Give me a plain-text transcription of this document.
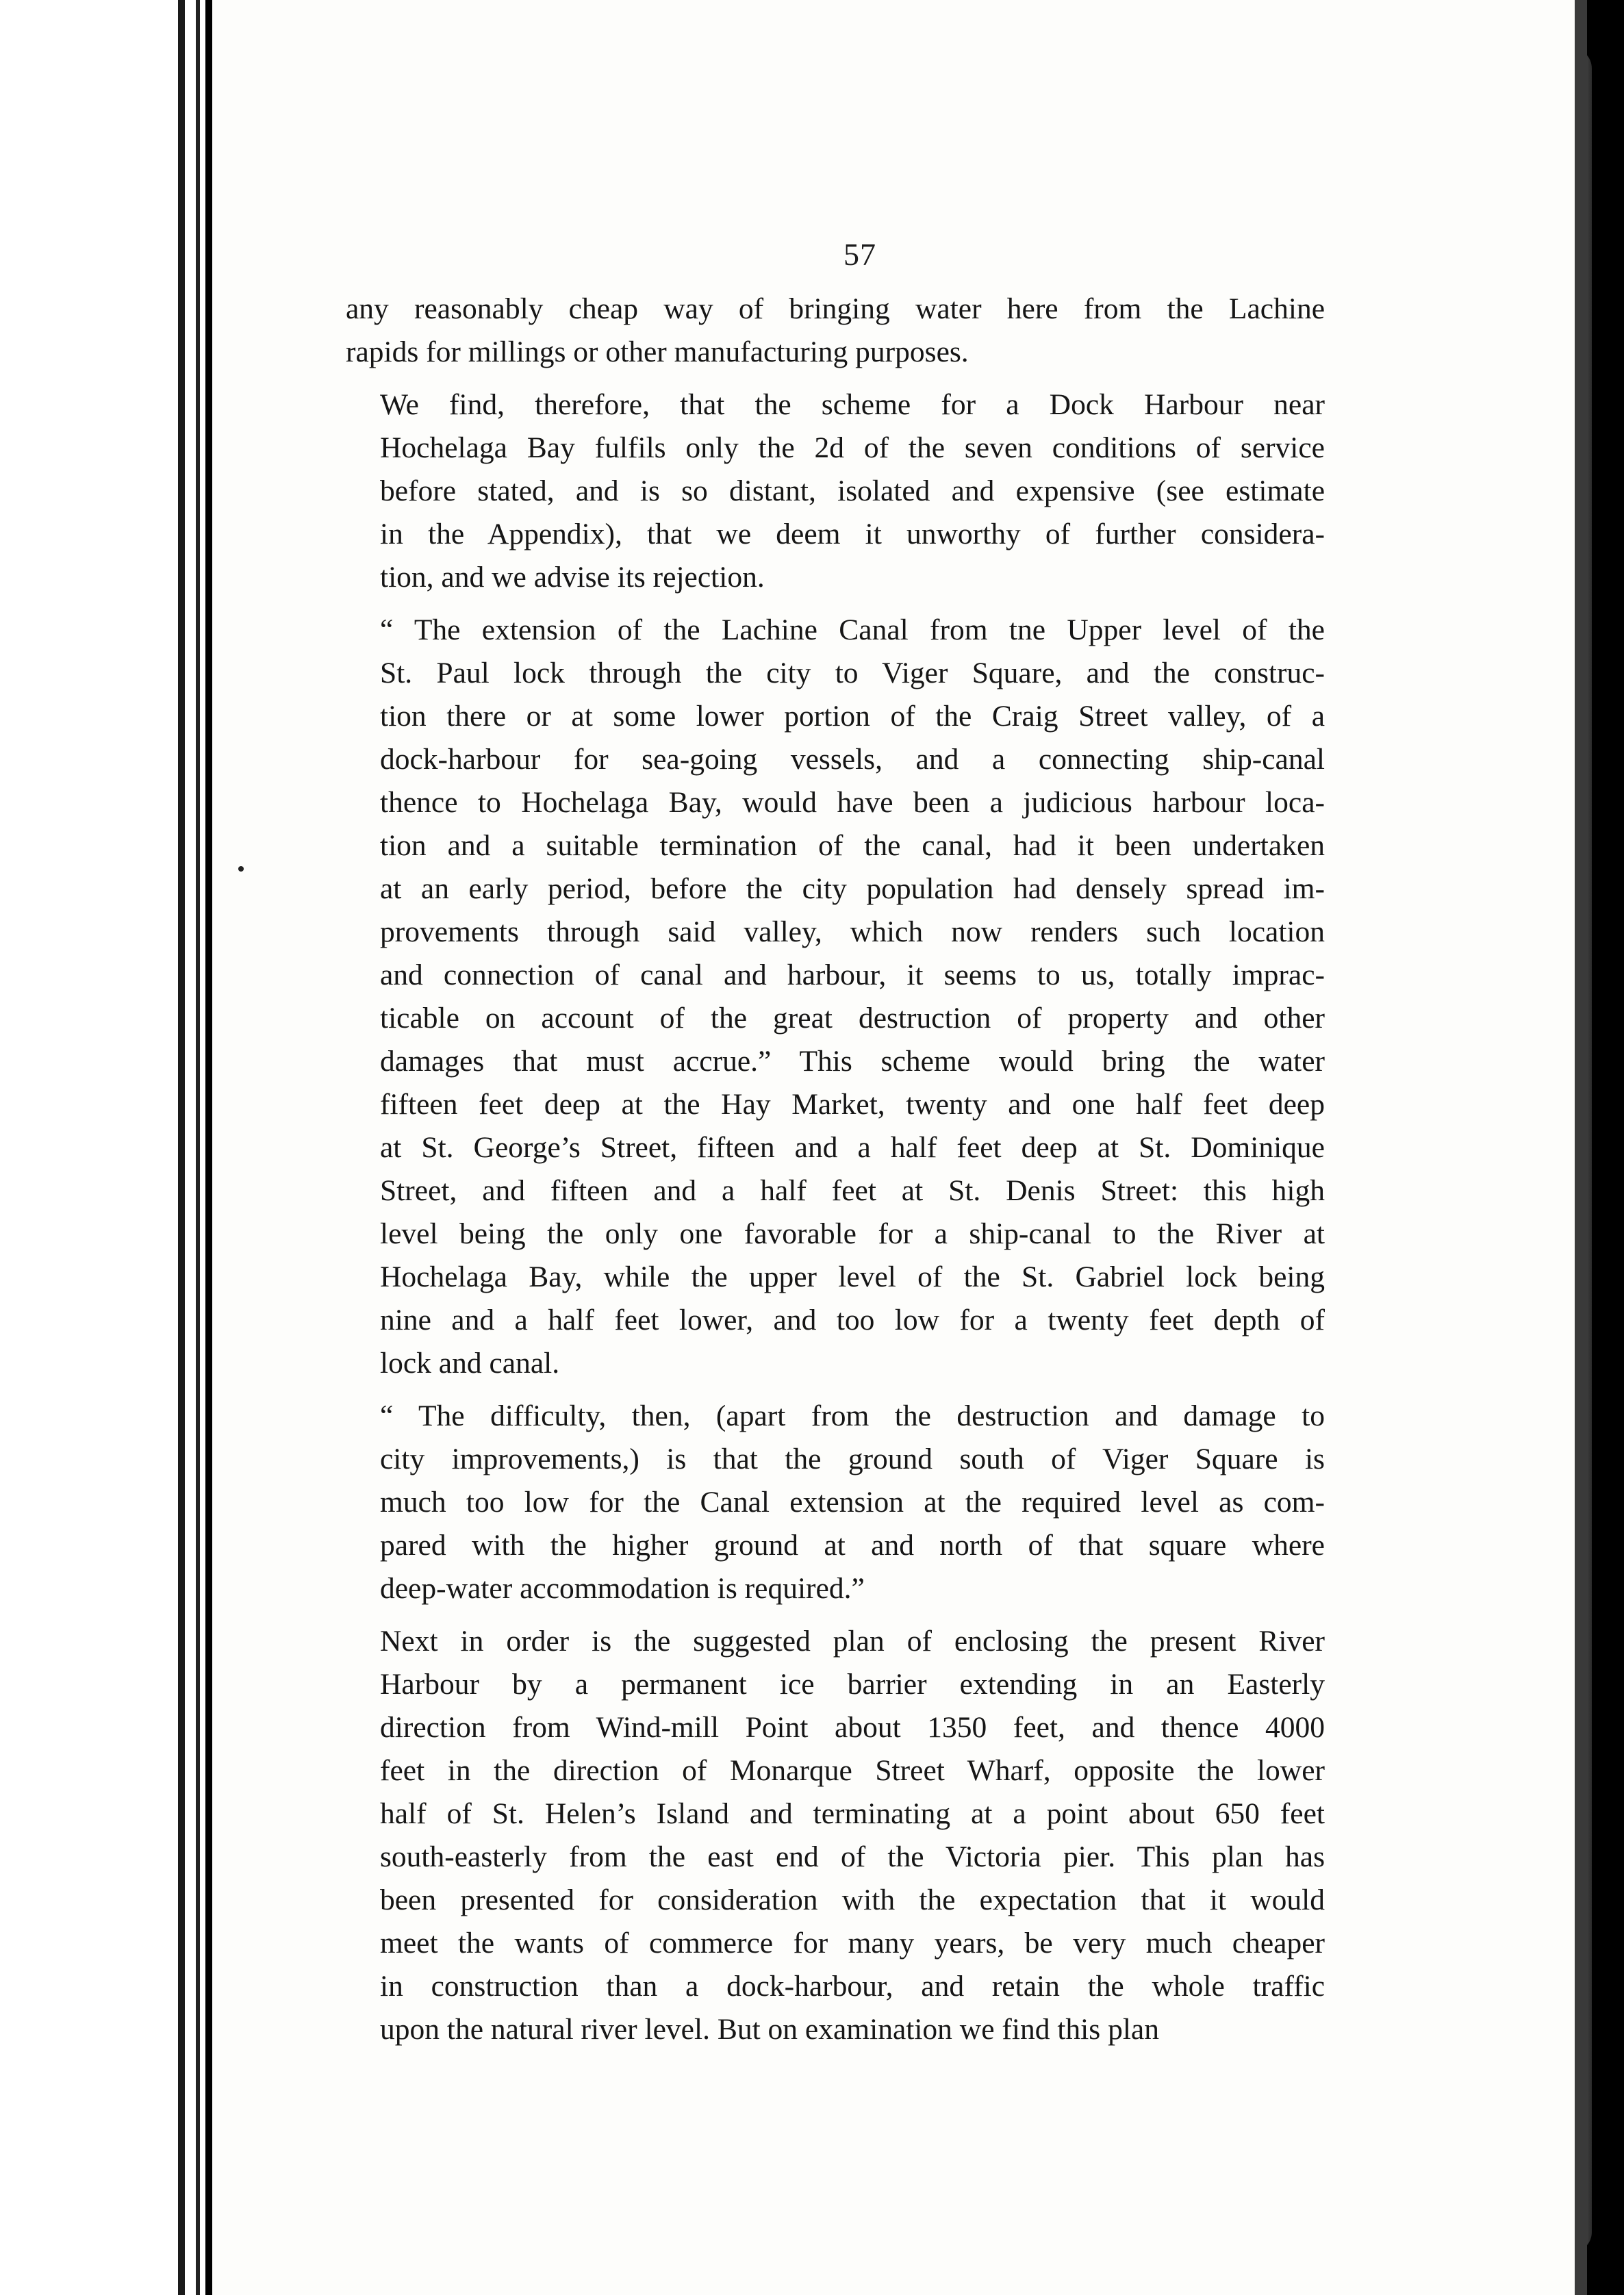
57

any reasonably cheap way of bringing water here from the Lachine
rapids for millings or other manufacturing purposes.

We find, therefore, that the scheme for a Dock Harbour near
Hochelaga Bay fulfils only the 2d of the seven conditions of service
before stated, and is so distant, isolated and expensive (see estimate
in the Appendix), that we deem it unworthy of further considera-
tion, and we advise its rejection.

“ The extension of the Lachine Canal from tne Upper level of the
St. Paul lock through the city to Viger Square, and the construc-
tion there or at some lower portion of the Craig Street valley, of a
dock-harbour for sea-going vessels, and a connecting ship-canal
thence to Hochelaga Bay, would have been a judicious harbour loca-
tion and a suitable termination of the canal, had it been undertaken
at an early period, before the city population had densely spread im-
provements through said valley, which now renders such location
and connection of canal and harbour, it seems to us, totally imprac-
ticable on account of the great destruction of property and other
damages that must accrue.” This scheme would bring the water
fifteen feet deep at the Hay Market, twenty and one half feet deep
at St. George’s Street, fifteen and a half feet deep at St. Dominique
Street, and fifteen and a half feet at St. Denis Street: this high
level being the only one favorable for a ship-canal to the River at
Hochelaga Bay, while the upper level of the St. Gabriel lock being
nine and a half feet lower, and too low for a twenty feet depth of
lock and canal.

“ The difficulty, then, (apart from the destruction and damage to
city improvements,) is that the ground south of Viger Square is
much too low for the Canal extension at the required level as com-
pared with the higher ground at and north of that square where
deep-water accommodation is required.”

Next in order is the suggested plan of enclosing the present River
Harbour by a permanent ice barrier extending in an Easterly
direction from Wind-mill Point about 1350 feet, and thence 4000
feet in the direction of Monarque Street Wharf, opposite the lower
half of St. Helen’s Island and terminating at a point about 650 feet
south-easterly from the east end of the Victoria pier. This plan has
been presented for consideration with the expectation that it would
meet the wants of commerce for many years, be very much cheaper
in construction than a dock-harbour, and retain the whole traffic
upon the natural river level. But on examination we find this plan
